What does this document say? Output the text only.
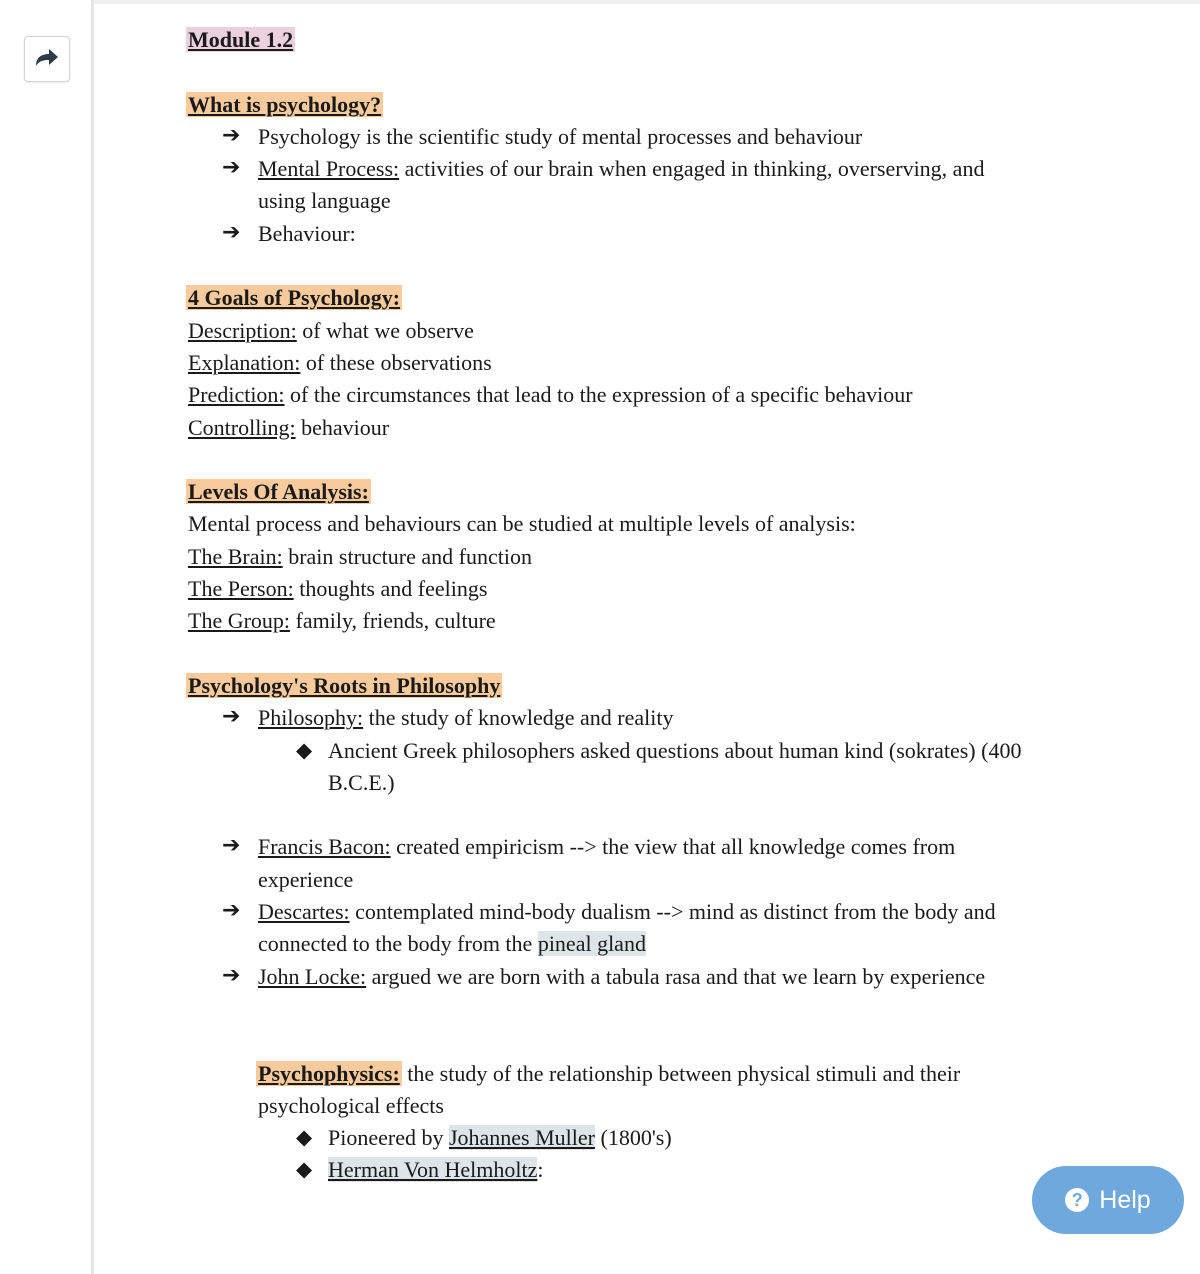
Module 1.2
What is psychology?
➔ Psychology is the scientific study of mental processes and behaviour
➔ Mental Process: activities of our brain when engaged in thinking, overserving, and
using language
➔ Behaviour:
4 Goals of Psychology:
Description: of what we observe
Explanation: of these observations
Prediction: of the circumstances that lead to the expression of a specific behaviour
Controlling: behaviour
Levels Of Analysis:
Mental process and behaviours can be studied at multiple levels of analysis:
The Brain: brain structure and function
The Person: thoughts and feelings
The Group: family, friends, culture
Psychology's Roots in Philosophy
➔ Philosophy: the study of knowledge and reality
◆ Ancient Greek philosophers asked questions about human kind (sokrates) (400
B.C.E.)
➔ Francis Bacon: created empiricism --> the view that all knowledge comes from
experience
➔ Descartes: contemplated mind-body dualism --> mind as distinct from the body and
connected to the body from the pineal gland
➔ John Locke: argued we are born with a tabula rasa and that we learn by experience
Psychophysics: the study of the relationship between physical stimuli and their
psychological effects
◆ Pioneered by Johannes Muller (1800's)
◆ Herman Von Helmholtz:
? Help
